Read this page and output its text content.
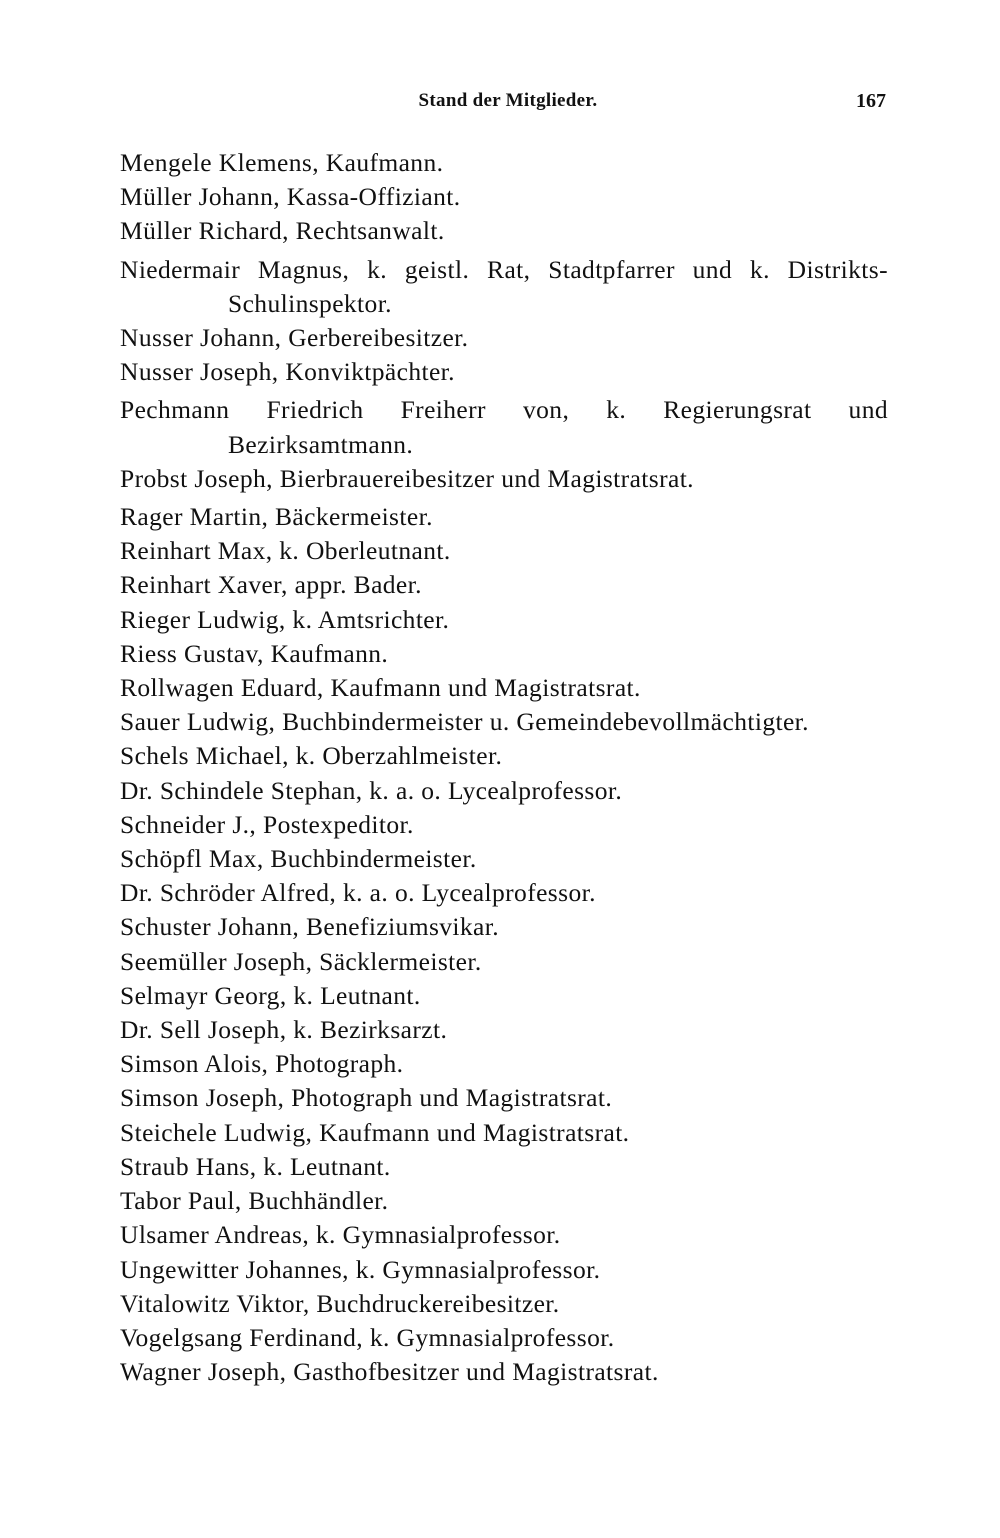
Stand der Mitglieder.	167
Mengele Klemens, Kaufmann.
Müller Johann, Kassa-Offiziant.
Müller Richard, Rechtsanwalt.
Niedermair Magnus, k. geistl. Rat, Stadtpfarrer und k. Distrikts-Schulinspektor.
Nusser Johann, Gerbereibesitzer.
Nusser Joseph, Konviktpächter.
Pechmann Friedrich Freiherr von, k. Regierungsrat und Bezirksamtmann.
Probst Joseph, Bierbrauereibesitzer und Magistratsrat.
Rager Martin, Bäckermeister.
Reinhart Max, k. Oberleutnant.
Reinhart Xaver, appr. Bader.
Rieger Ludwig, k. Amtsrichter.
Riess Gustav, Kaufmann.
Rollwagen Eduard, Kaufmann und Magistratsrat.
Sauer Ludwig, Buchbindermeister u. Gemeindebevollmächtigter.
Schels Michael, k. Oberzahlmeister.
Dr. Schindele Stephan, k. a. o. Lycealprofessor.
Schneider J., Postexpeditor.
Schöpfl Max, Buchbindermeister.
Dr. Schröder Alfred, k. a. o. Lycealprofessor.
Schuster Johann, Benefiziumsvikar.
Seemüller Joseph, Säcklermeister.
Selmayr Georg, k. Leutnant.
Dr. Sell Joseph, k. Bezirksarzt.
Simson Alois, Photograph.
Simson Joseph, Photograph und Magistratsrat.
Steichele Ludwig, Kaufmann und Magistratsrat.
Straub Hans, k. Leutnant.
Tabor Paul, Buchhändler.
Ulsamer Andreas, k. Gymnasialprofessor.
Ungewitter Johannes, k. Gymnasialprofessor.
Vitalowitz Viktor, Buchdruckereibesitzer.
Vogelgsang Ferdinand, k. Gymnasialprofessor.
Wagner Joseph, Gasthofbesitzer und Magistratsrat.
